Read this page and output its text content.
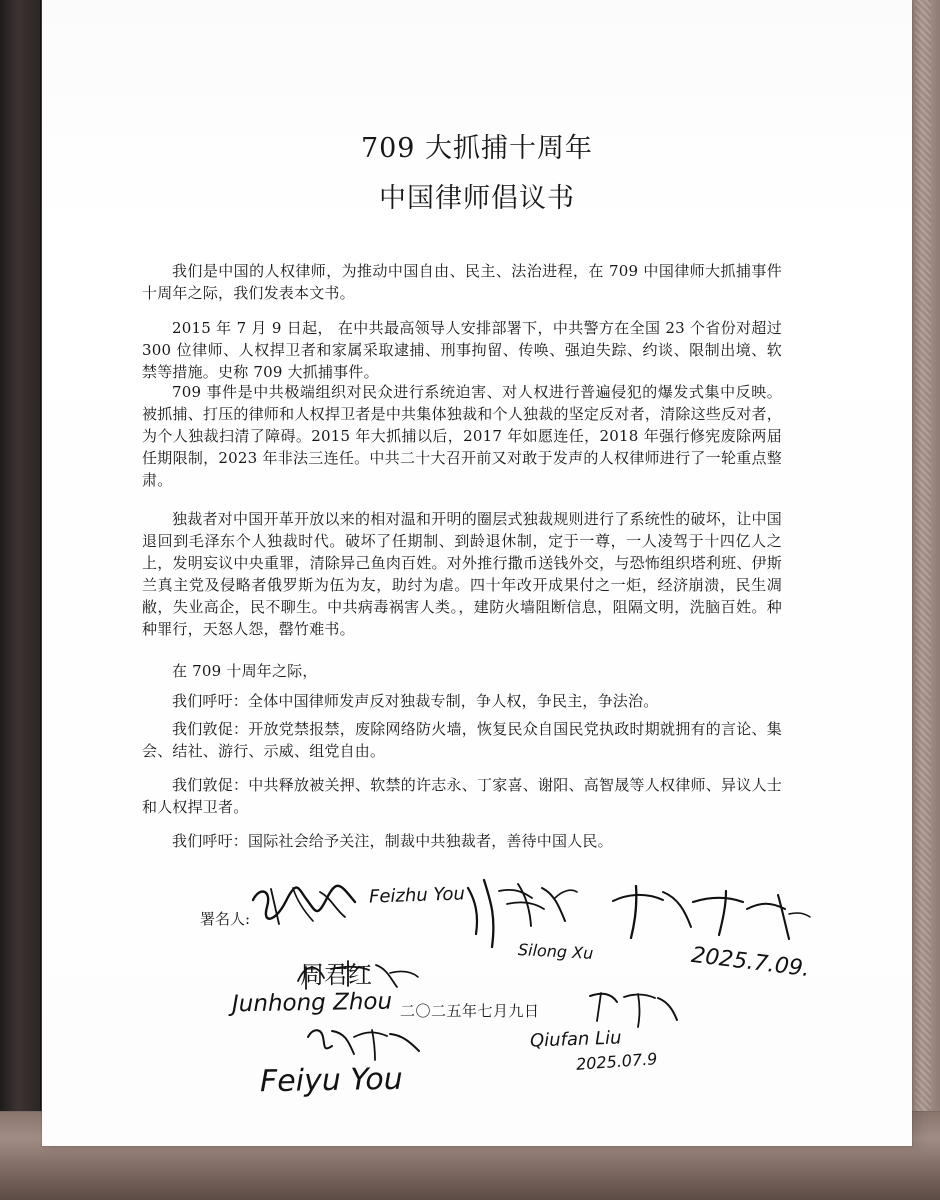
709 大抓捕十周年
中国律师倡议书
我们是中国的人权律师，为推动中国自由、民主、法治进程，在 709 中国律师大抓捕事件十周年之际，我们发表本文书。
2015 年 7 月 9 日起， 在中共最高领导人安排部署下，中共警方在全国 23 个省份对超过 300 位律师、人权捍卫者和家属采取逮捕、刑事拘留、传唤、强迫失踪、约谈、限制出境、软禁等措施。史称 709 大抓捕事件。
709 事件是中共极端组织对民众进行系统迫害、对人权进行普遍侵犯的爆发式集中反映。被抓捕、打压的律师和人权捍卫者是中共集体独裁和个人独裁的坚定反对者，清除这些反对者，为个人独裁扫清了障碍。2015 年大抓捕以后，2017 年如愿连任，2018 年强行修宪废除两届任期限制，2023 年非法三连任。中共二十大召开前又对敢于发声的人权律师进行了一轮重点整肃。
独裁者对中国开革开放以来的相对温和开明的圈层式独裁规则进行了系统性的破坏，让中国退回到毛泽东个人独裁时代。破坏了任期制、到龄退休制，定于一尊，一人凌驾于十四亿人之上，发明妄议中央重罪，清除异己鱼肉百姓。对外推行撒币送钱外交，与恐怖组织塔利班、伊斯兰真主党及侵略者俄罗斯为伍为友，助纣为虐。四十年改开成果付之一炬，经济崩溃，民生凋敝，失业高企，民不聊生。中共病毒祸害人类。，建防火墙阻断信息，阻隔文明，洗脑百姓。种种罪行，天怒人怨，罄竹难书。
在 709 十周年之际，
我们呼吁：全体中国律师发声反对独裁专制，争人权，争民主，争法治。
我们敦促：开放党禁报禁，废除网络防火墙，恢复民众自国民党执政时期就拥有的言论、集会、结社、游行、示威、组党自由。
我们敦促：中共释放被关押、软禁的许志永、丁家喜、谢阳、高智晟等人权律师、异议人士和人权捍卫者。
我们呼吁：国际社会给予关注，制裁中共独裁者，善待中国人民。
署名人:
二〇二五年七月九日
Feizhu You
Silong Xu	2025.7.09.
周君红
Junhong Zhou
Feiyu You
Qiufan Liu
2025.07.9
